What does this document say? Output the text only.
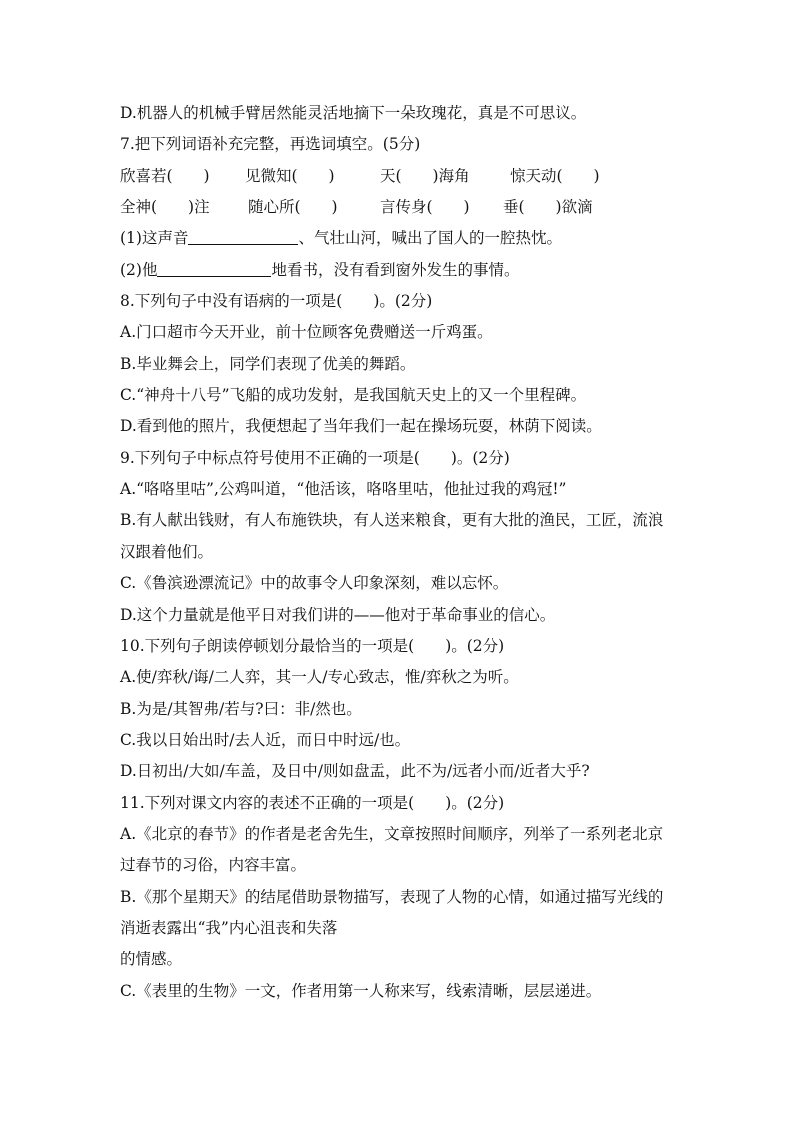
D.机器人的机械手臂居然能灵活地摘下一朵玫瑰花，真是不可思议。
7.把下列词语补充完整，再选词填空。(5分)
欣喜若(　　) 见微知(　　)	天(　　)海角	惊天动(　　)
全神(　　)注 随心所(　　)	言传身(　　) 垂(　　)欲滴
(1)这声音	、气壮山河，喊出了国人的一腔热忱。
(2)他	地看书，没有看到窗外发生的事情。
8.下列句子中没有语病的一项是(　　)。(2分)
A.门口超市今天开业，前十位顾客免费赠送一斤鸡蛋。
B.毕业舞会上，同学们表现了优美的舞蹈。
C.“神舟十八号”飞船的成功发射，是我国航天史上的又一个里程碑。
D.看到他的照片，我便想起了当年我们一起在操场玩耍，林荫下阅读。
9.下列句子中标点符号使用不正确的一项是(　　)。(2分)
A.“咯咯里咕”,公鸡叫道，“他活该，咯咯里咕，他扯过我的鸡冠!”
B.有人献出钱财，有人布施铁块，有人送来粮食，更有大批的渔民，工匠，流浪
汉跟着他们。
C.《鲁滨逊漂流记》中的故事令人印象深刻，难以忘怀。
D.这个力量就是他平日对我们讲的——他对于革命事业的信心。
10.下列句子朗读停顿划分最恰当的一项是(　　)。(2分)
A.使/弈秋/诲/二人弈，其一人/专心致志，惟/弈秋之为听。
B.为是/其智弗/若与?曰：非/然也。
C.我以日始出时/去人近，而日中时远/也。
D.日初出/大如/车盖，及日中/则如盘盂，此不为/远者小而/近者大乎?
11.下列对课文内容的表述不正确的一项是(　　)。(2分)
A.《北京的春节》的作者是老舍先生，文章按照时间顺序，列举了一系列老北京
过春节的习俗，内容丰富。
B.《那个星期天》的结尾借助景物描写，表现了人物的心情，如通过描写光线的
消逝表露出“我”内心沮丧和失落
的情感。
C.《表里的生物》一文，作者用第一人称来写，线索清晰，层层递进。
